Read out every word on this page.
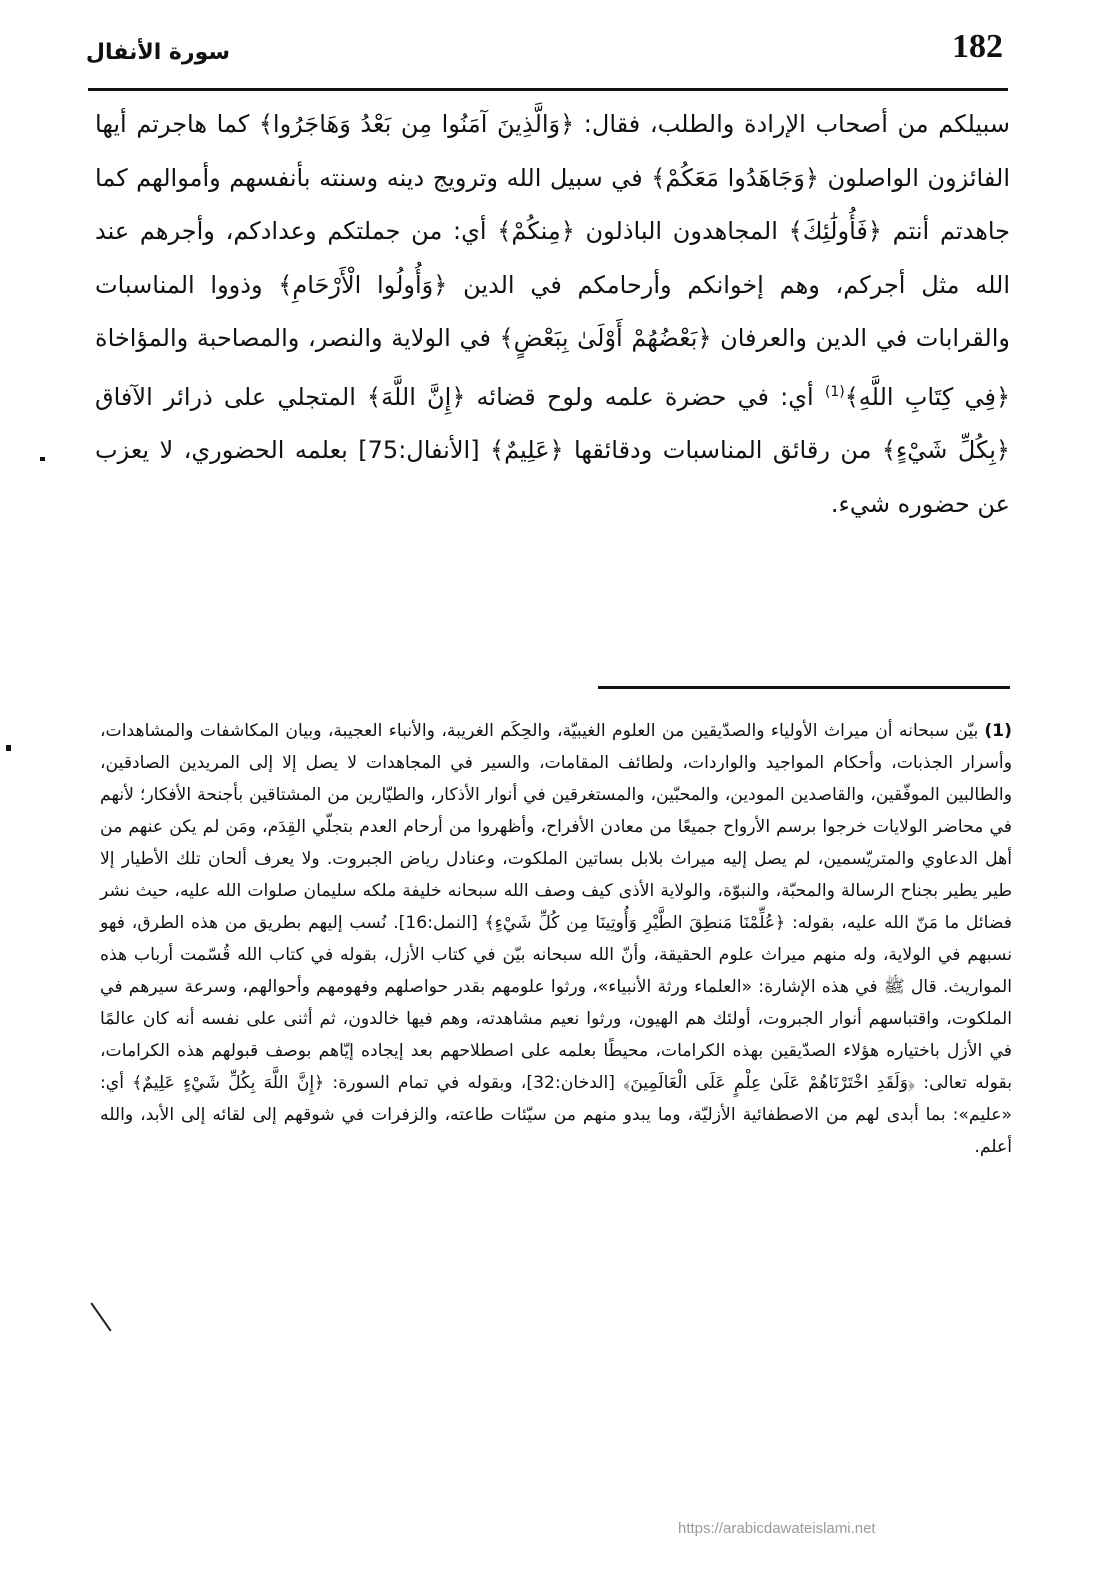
182
سورة الأنفال

سبيلكم من أصحاب الإرادة والطلب، فقال: ﴿وَالَّذِينَ آمَنُوا مِن بَعْدُ وَهَاجَرُوا﴾ كما هاجرتم أيها الفائزون الواصلون ﴿وَجَاهَدُوا مَعَكُمْ﴾ في سبيل الله وترويج دينه وسنته بأنفسهم وأموالهم كما جاهدتم أنتم ﴿فَأُولَٰئِكَ﴾ المجاهدون الباذلون ﴿مِنكُمْ﴾ أي: من جملتكم وعدادكم، وأجرهم عند الله مثل أجركم، وهم إخوانكم وأرحامكم في الدين ﴿وَأُولُوا الْأَرْحَامِ﴾ وذووا المناسبات والقرابات في الدين والعرفان ﴿بَعْضُهُمْ أَوْلَىٰ بِبَعْضٍ﴾ في الولاية والنصر، والمصاحبة والمؤاخاة ﴿فِي كِتَابِ اللَّهِ﴾$^{(1)}$ أي: في حضرة علمه ولوح قضائه ﴿إِنَّ اللَّهَ﴾ المتجلي على ذرائر الآفاق ﴿بِكُلِّ شَيْءٍ﴾ من رقائق المناسبات ودقائقها ﴿عَلِيمٌ﴾ [الأنفال:75] بعلمه الحضوري، لا يعزب عن حضوره شيء.

(1)بيّن سبحانه أن ميراث الأولياء والصدّيقين من العلوم الغيبيّة، والحِكَم الغريبة، والأنباء العجيبة، وبيان المكاشفات والمشاهدات، وأسرار الجذبات، وأحكام المواجيد والواردات، ولطائف المقامات، والسير في المجاهدات لا يصل إلا إلى المريدين الصادقين، والطالبين الموفّقين، والقاصدين المودين، والمحبّين، والمستغرقين في أنوار الأذكار، والطيّارين من المشتاقين بأجنحة الأفكار؛ لأنهم في محاضر الولايات خرجوا برسم الأرواح جميعًا من معادن الأفراح، وأظهروا من أرحام العدم بتجلّي القِدَم، ومَن لم يكن عنهم من أهل الدعاوي والمتريّسمين، لم يصل إليه ميراث بلابل بساتين الملكوت، وعنادل رياض الجبروت. ولا يعرف ألحان تلك الأطيار إلا طير يطير بجناح الرسالة والمحبّة، والنبوّة، والولاية الأذى كيف وصف الله سبحانه خليفة ملكه سليمان صلوات الله عليه، حيث نشر فضائل ما مَنّ الله عليه، بقوله: ﴿عُلِّمْنَا مَنطِقَ الطَّيْرِ وَأُوتِينَا مِن كُلِّ شَيْءٍ﴾ [النمل:16]. نُسب إليهم بطريق من هذه الطرق، فهو نسبهم في الولاية، وله منهم ميراث علوم الحقيقة، وأنّ الله سبحانه بيّن في كتاب الأزل، بقوله في كتاب الله قُسّمت أرباب هذه المواريث. قال ﷺ في هذه الإشارة: «العلماء ورثة الأنبياء»، ورثوا علومهم بقدر حواصلهم وفهومهم وأحوالهم، وسرعة سيرهم في الملكوت، واقتباسهم أنوار الجبروت، أولئك هم الهيون، ورثوا نعيم مشاهدته، وهم فيها خالدون، ثم أثنى على نفسه أنه كان عالمًا في الأزل باختياره هؤلاء الصدّيقين بهذه الكرامات، محيطًا بعلمه على اصطلاحهم بعد إيجاده إيّاهم بوصف قبولهم هذه الكرامات، بقوله تعالى: ﴿وَلَقَدِ اخْتَرْنَاهُمْ عَلَىٰ عِلْمٍ عَلَى الْعَالَمِينَ﴾ [الدخان:32]، وبقوله في تمام السورة: ﴿إِنَّ اللَّهَ بِكُلِّ شَيْءٍ عَلِيمٌ﴾ أي: «عليم»: بما أبدى لهم من الاصطفائية الأزليّة، وما يبدو منهم من سيّئات طاعته، والزفرات في شوقهم إلى لقائه إلى الأبد، والله أعلم.

https://arabicdawateislami.net
